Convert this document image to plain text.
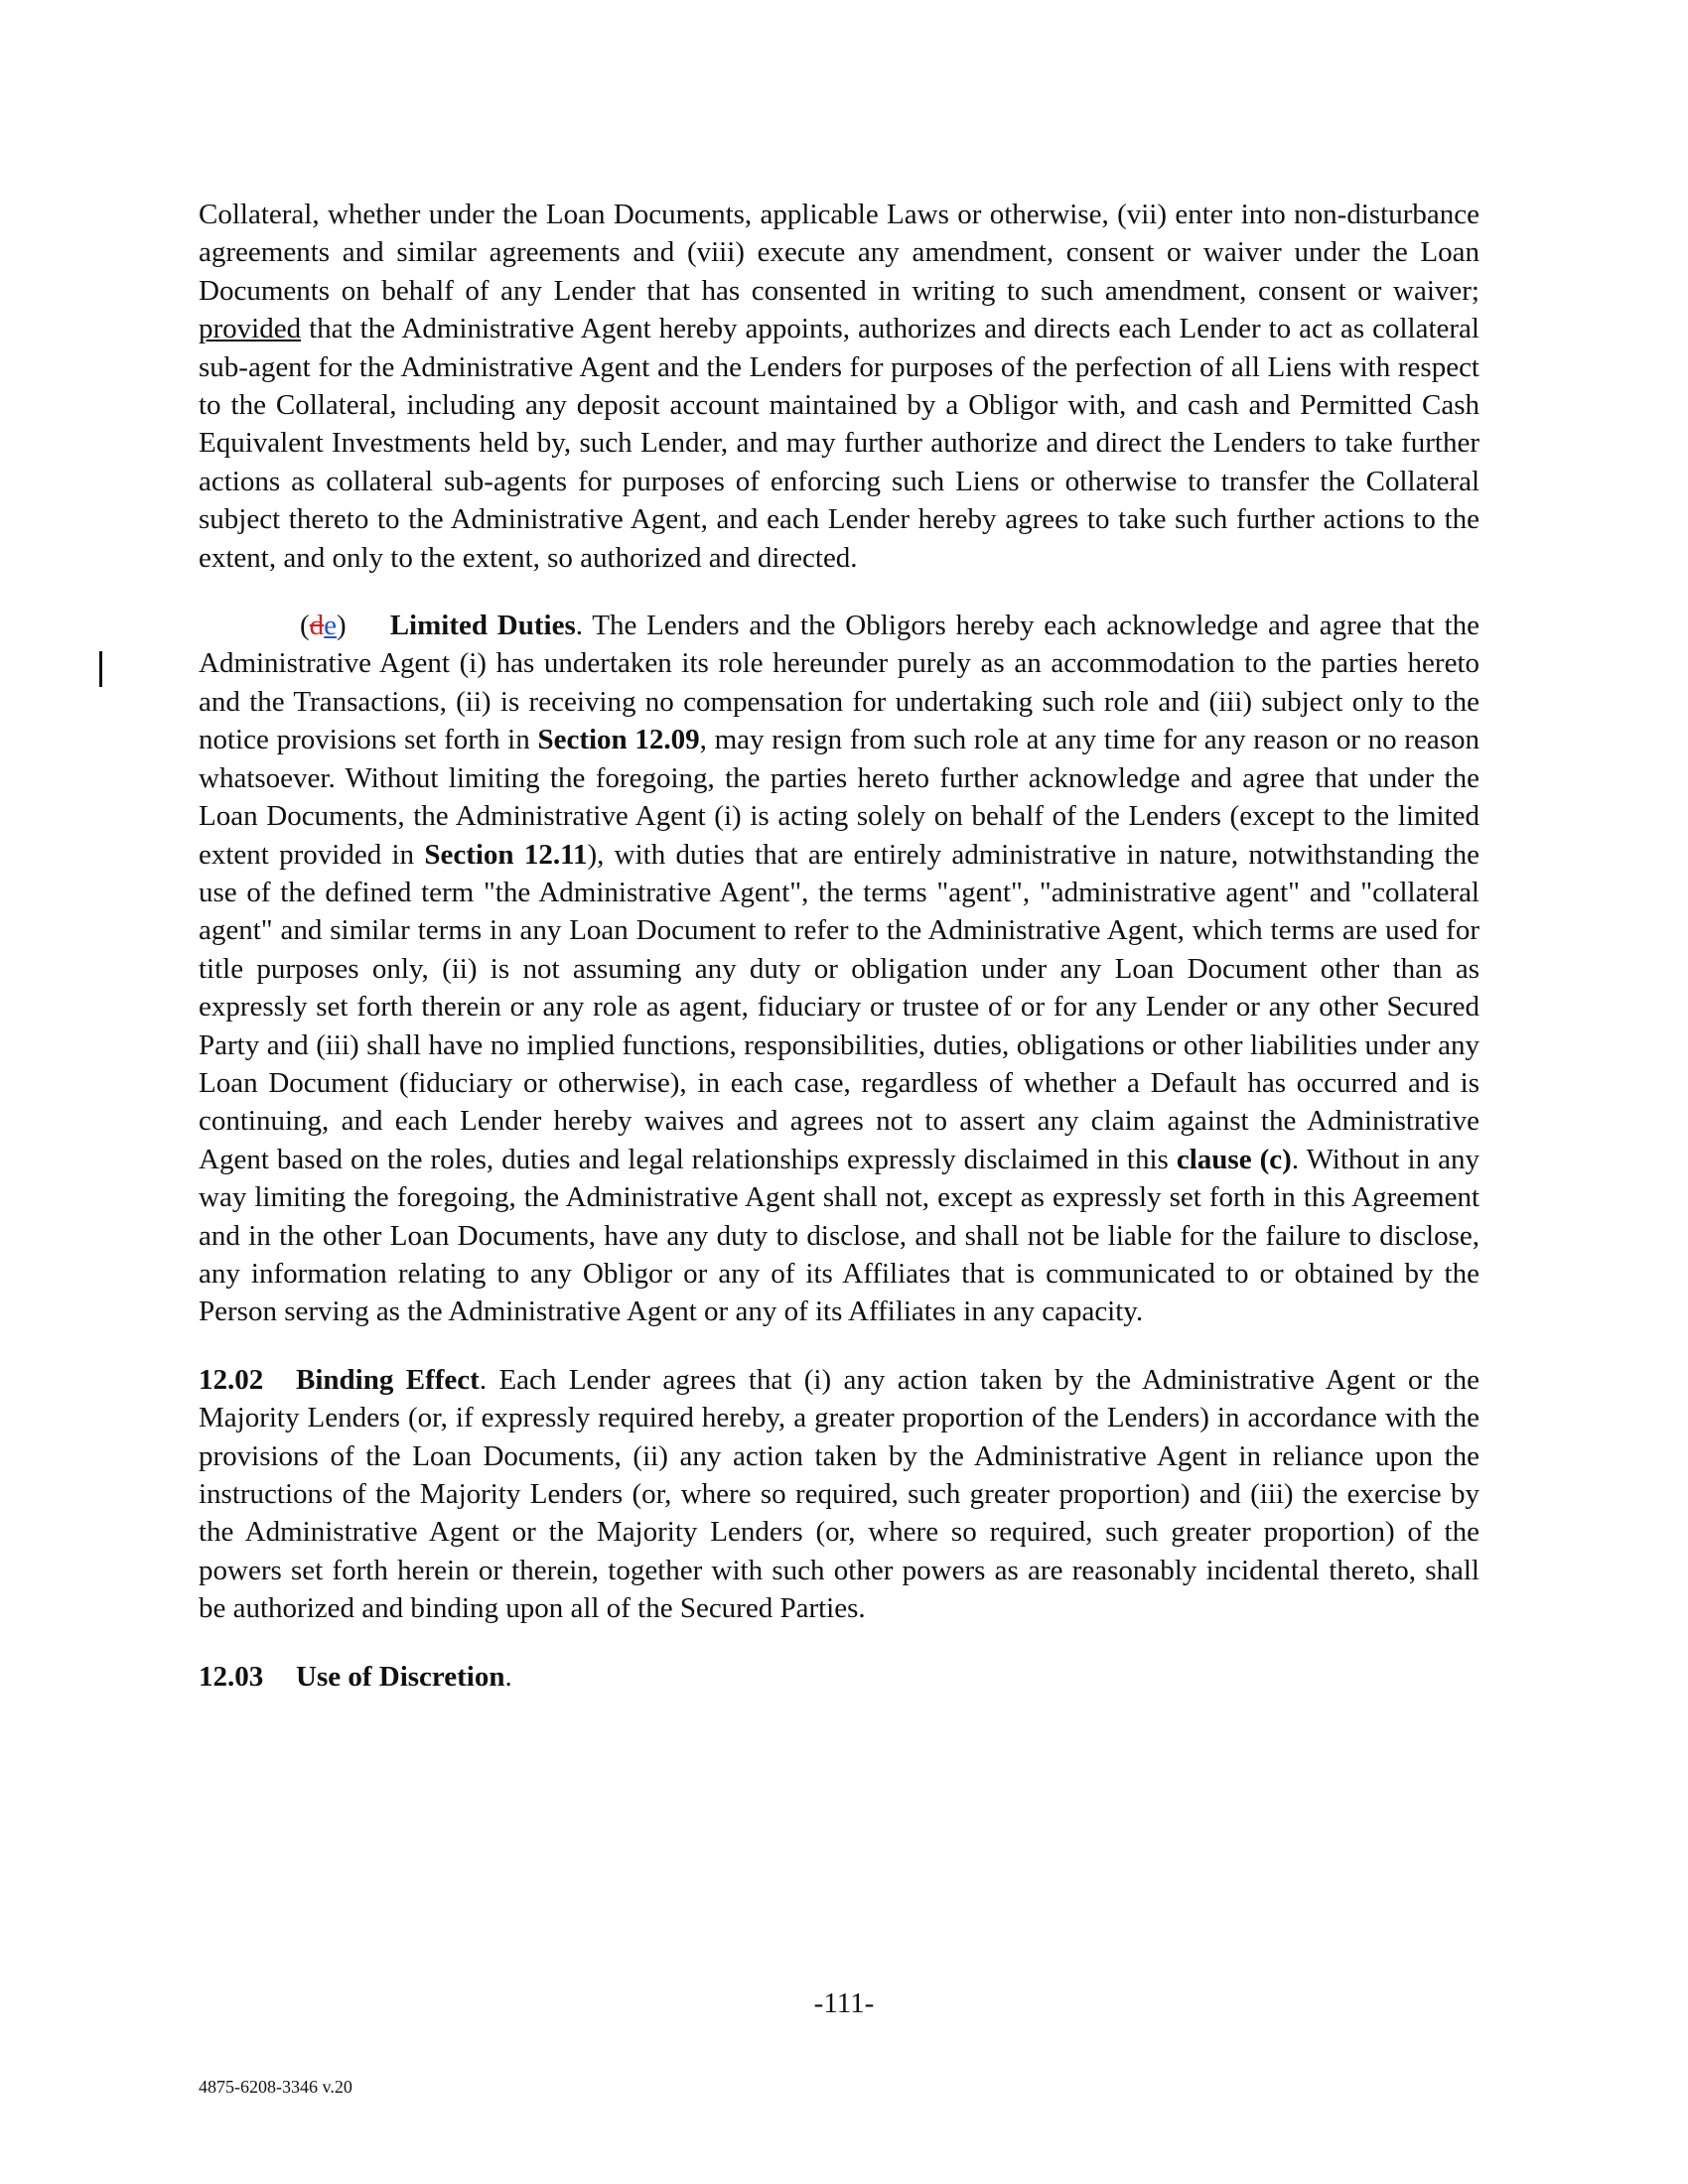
Collateral, whether under the Loan Documents, applicable Laws or otherwise, (vii) enter into non-disturbance agreements and similar agreements and (viii) execute any amendment, consent or waiver under the Loan Documents on behalf of any Lender that has consented in writing to such amendment, consent or waiver; provided that the Administrative Agent hereby appoints, authorizes and directs each Lender to act as collateral sub-agent for the Administrative Agent and the Lenders for purposes of the perfection of all Liens with respect to the Collateral, including any deposit account maintained by a Obligor with, and cash and Permitted Cash Equivalent Investments held by, such Lender, and may further authorize and direct the Lenders to take further actions as collateral sub-agents for purposes of enforcing such Liens or otherwise to transfer the Collateral subject thereto to the Administrative Agent, and each Lender hereby agrees to take such further actions to the extent, and only to the extent, so authorized and directed.

(de) Limited Duties. The Lenders and the Obligors hereby each acknowledge and agree that the Administrative Agent (i) has undertaken its role hereunder purely as an accommodation to the parties hereto and the Transactions, (ii) is receiving no compensation for undertaking such role and (iii) subject only to the notice provisions set forth in Section 12.09, may resign from such role at any time for any reason or no reason whatsoever. Without limiting the foregoing, the parties hereto further acknowledge and agree that under the Loan Documents, the Administrative Agent (i) is acting solely on behalf of the Lenders (except to the limited extent provided in Section 12.11), with duties that are entirely administrative in nature, notwithstanding the use of the defined term "the Administrative Agent", the terms "agent", "administrative agent" and "collateral agent" and similar terms in any Loan Document to refer to the Administrative Agent, which terms are used for title purposes only, (ii) is not assuming any duty or obligation under any Loan Document other than as expressly set forth therein or any role as agent, fiduciary or trustee of or for any Lender or any other Secured Party and (iii) shall have no implied functions, responsibilities, duties, obligations or other liabilities under any Loan Document (fiduciary or otherwise), in each case, regardless of whether a Default has occurred and is continuing, and each Lender hereby waives and agrees not to assert any claim against the Administrative Agent based on the roles, duties and legal relationships expressly disclaimed in this clause (c). Without in any way limiting the foregoing, the Administrative Agent shall not, except as expressly set forth in this Agreement and in the other Loan Documents, have any duty to disclose, and shall not be liable for the failure to disclose, any information relating to any Obligor or any of its Affiliates that is communicated to or obtained by the Person serving as the Administrative Agent or any of its Affiliates in any capacity.

12.02 Binding Effect. Each Lender agrees that (i) any action taken by the Administrative Agent or the Majority Lenders (or, if expressly required hereby, a greater proportion of the Lenders) in accordance with the provisions of the Loan Documents, (ii) any action taken by the Administrative Agent in reliance upon the instructions of the Majority Lenders (or, where so required, such greater proportion) and (iii) the exercise by the Administrative Agent or the Majority Lenders (or, where so required, such greater proportion) of the powers set forth herein or therein, together with such other powers as are reasonably incidental thereto, shall be authorized and binding upon all of the Secured Parties.

12.03 Use of Discretion.

-111-
4875-6208-3346 v.20
